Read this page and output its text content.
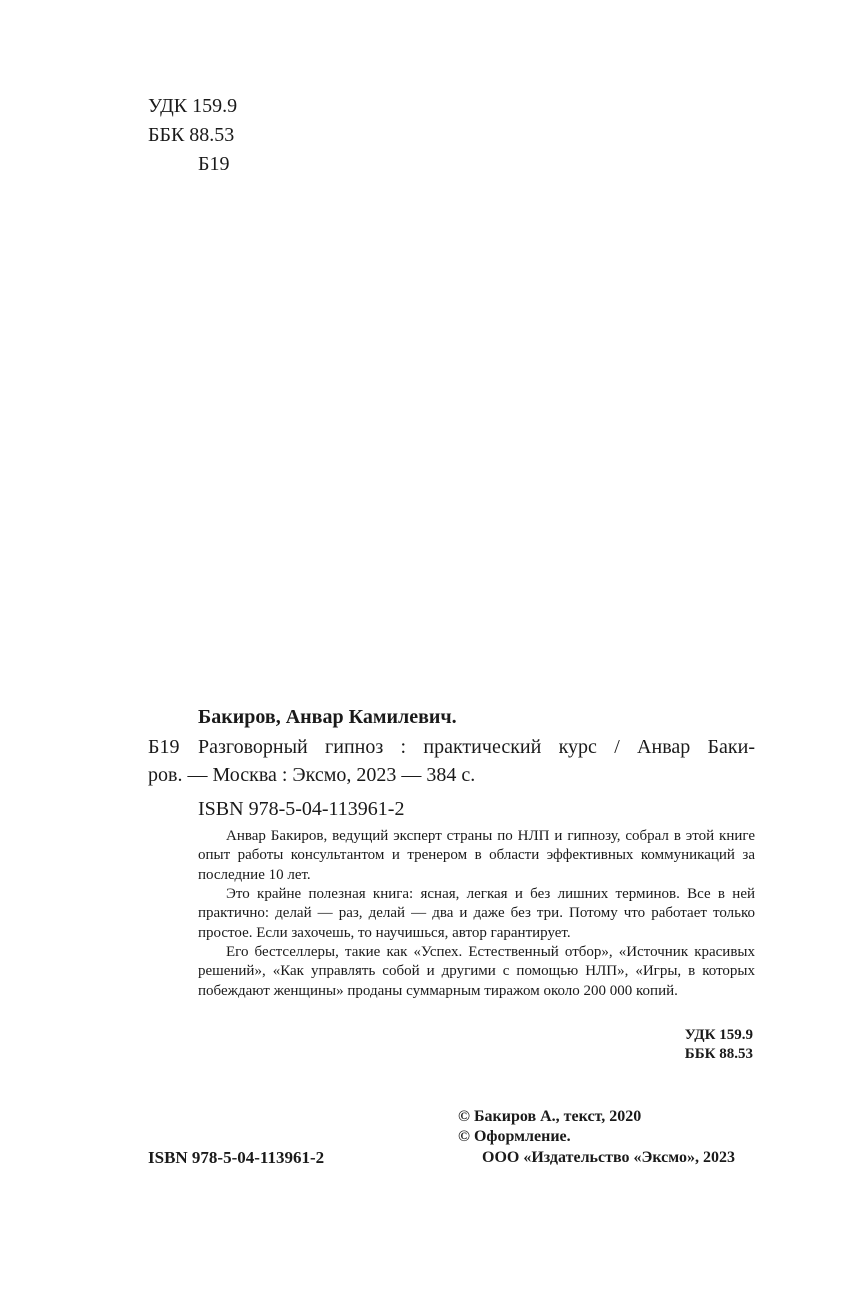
УДК 159.9
ББК 88.53
Б19
Бакиров, Анвар Камилевич.
Б19 Разговорный гипноз : практический курс / Анвар Баки-
ров. — Москва : Эксмо, 2023 — 384 с.
ISBN 978-5-04-113961-2

Анвар Бакиров, ведущий эксперт страны по НЛП и гипнозу, собрал в этой книге опыт работы консультантом и тренером в области эффективных коммуникаций за последние 10 лет.

Это крайне полезная книга: ясная, легкая и без лишних терминов. Все в ней практично: делай — раз, делай — два и даже без три. Потому что работает только простое. Если захочешь, то научишься, автор гарантирует.

Его бестселлеры, такие как «Успех. Естественный отбор», «Источник красивых решений», «Как управлять собой и другими с помощью НЛП», «Игры, в которых побеждают женщины» проданы суммарным тиражом около 200 000 копий.

УДК 159.9
ББК 88.53
ISBN 978-5-04-113961-2
© Бакиров А., текст, 2020
© Оформление.
ООО «Издательство «Эксмо», 2023
